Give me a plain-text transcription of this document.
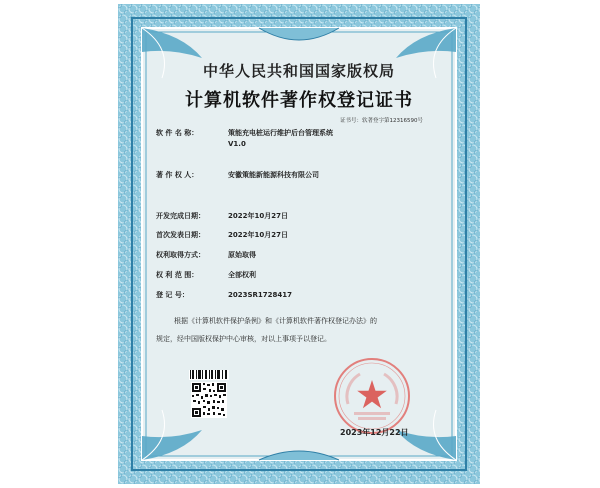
中华人民共和国国家版权局
计算机软件著作权登记证书
证书号：软著登字第12316590号
软 件 名 称：	策能充电桩运行维护后台管理系统
V1.0
著 作 权 人：	安徽策能新能源科技有限公司
开发完成日期：	2022年10月27日
首次发表日期：	2022年10月27日
权利取得方式：	原始取得
权 利 范 围：	全部权利
登 记 号：	2023SR1728417
根据《计算机软件保护条例》和《计算机软件著作权登记办法》的
规定，经中国版权保护中心审核，对以上事项予以登记。
2023年12月22日
